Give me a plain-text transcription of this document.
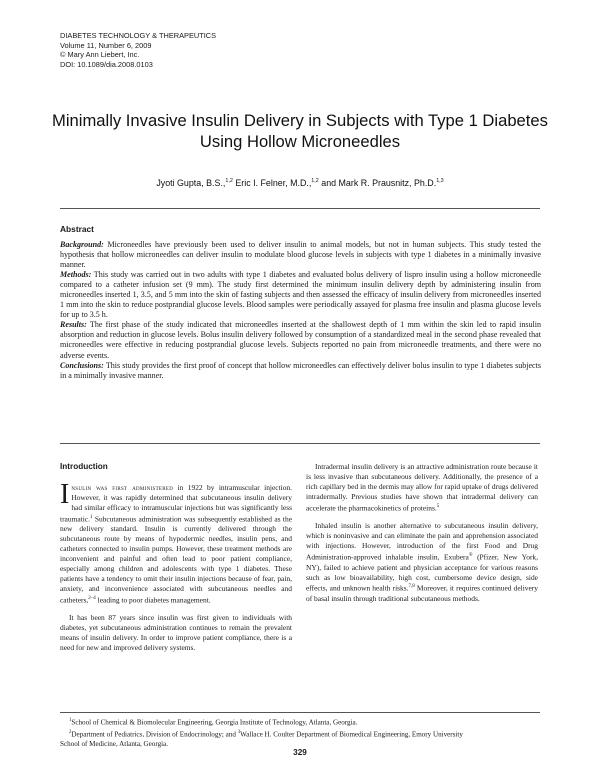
DIABETES TECHNOLOGY & THERAPEUTICS
Volume 11, Number 6, 2009
© Mary Ann Liebert, Inc.
DOI: 10.1089/dia.2008.0103
Minimally Invasive Insulin Delivery in Subjects with Type 1 Diabetes Using Hollow Microneedles
Jyoti Gupta, B.S.,$^{1,2}$ Eric I. Felner, M.D.,$^{1,2}$ and Mark R. Prausnitz, Ph.D.$^{1,3}$
Abstract

Background: Microneedles have previously been used to deliver insulin to animal models, but not in human subjects. This study tested the hypothesis that hollow microneedles can deliver insulin to modulate blood glucose levels in subjects with type 1 diabetes in a minimally invasive manner.

Methods: This study was carried out in two adults with type 1 diabetes and evaluated bolus delivery of lispro insulin using a hollow microneedle compared to a catheter infusion set (9 mm). The study first determined the minimum insulin delivery depth by administering insulin from microneedles inserted 1, 3.5, and 5 mm into the skin of fasting subjects and then assessed the efficacy of insulin delivery from microneedles inserted 1 mm into the skin to reduce postprandial glucose levels. Blood samples were periodically assayed for plasma free insulin and plasma glucose levels for up to 3.5 h.

Results: The first phase of the study indicated that microneedles inserted at the shallowest depth of 1 mm within the skin led to rapid insulin absorption and reduction in glucose levels. Bolus insulin delivery followed by consumption of a standardized meal in the second phase revealed that microneedles were effective in reducing postprandial glucose levels. Subjects reported no pain from microneedle treatments, and there were no adverse events.

Conclusions: This study provides the first proof of concept that hollow microneedles can effectively deliver bolus insulin to type 1 diabetes subjects in a minimally invasive manner.

Introduction

Insulin was first administered in 1922 by intramuscular injection. However, it was rapidly determined that subcutaneous insulin delivery had similar efficacy to intramuscular injections but was significantly less traumatic.$^1$ Subcutaneous administration was subsequently established as the new delivery standard. Insulin is currently delivered through the subcutaneous route by means of hypodermic needles, insulin pens, and catheters connected to insulin pumps. However, these treatment methods are inconvenient and painful and often lead to poor patient compliance, especially among children and adolescents with type 1 diabetes. These patients have a tendency to omit their insulin injections because of fear, pain, anxiety, and inconvenience associated with subcutaneous needles and catheters,$^{2-4}$ leading to poor diabetes management.

It has been 87 years since insulin was first given to individuals with diabetes, yet subcutaneous administration continues to remain the prevalent means of insulin delivery. In order to improve patient compliance, there is a need for new and improved delivery systems.

Intradermal insulin delivery is an attractive administration route because it is less invasive than subcutaneous delivery. Additionally, the presence of a rich capillary bed in the dermis may allow for rapid uptake of drugs delivered intradermally. Previous studies have shown that intradermal delivery can accelerate the pharmacokinetics of proteins.$^5$

Inhaled insulin is another alternative to subcutaneous insulin delivery, which is noninvasive and can eliminate the pain and apprehension associated with injections. However, introduction of the first Food and Drug Administration-approved inhalable insulin, Exubera® (Pfizer, New York, NY), failed to achieve patient and physician acceptance for various reasons such as low bioavailability, high cost, cumbersome device design, side effects, and unknown health risks.$^{7,8}$ Moreover, it requires continued delivery of basal insulin through traditional subcutaneous methods.

$^1$School of Chemical & Biomolecular Engineering, Georgia Institute of Technology, Atlanta, Georgia.

$^2$Department of Pediatrics, Division of Endocrinology; and $^3$Wallace H. Coulter Department of Biomedical Engineering, Emory University

School of Medicine, Atlanta, Georgia.

329
